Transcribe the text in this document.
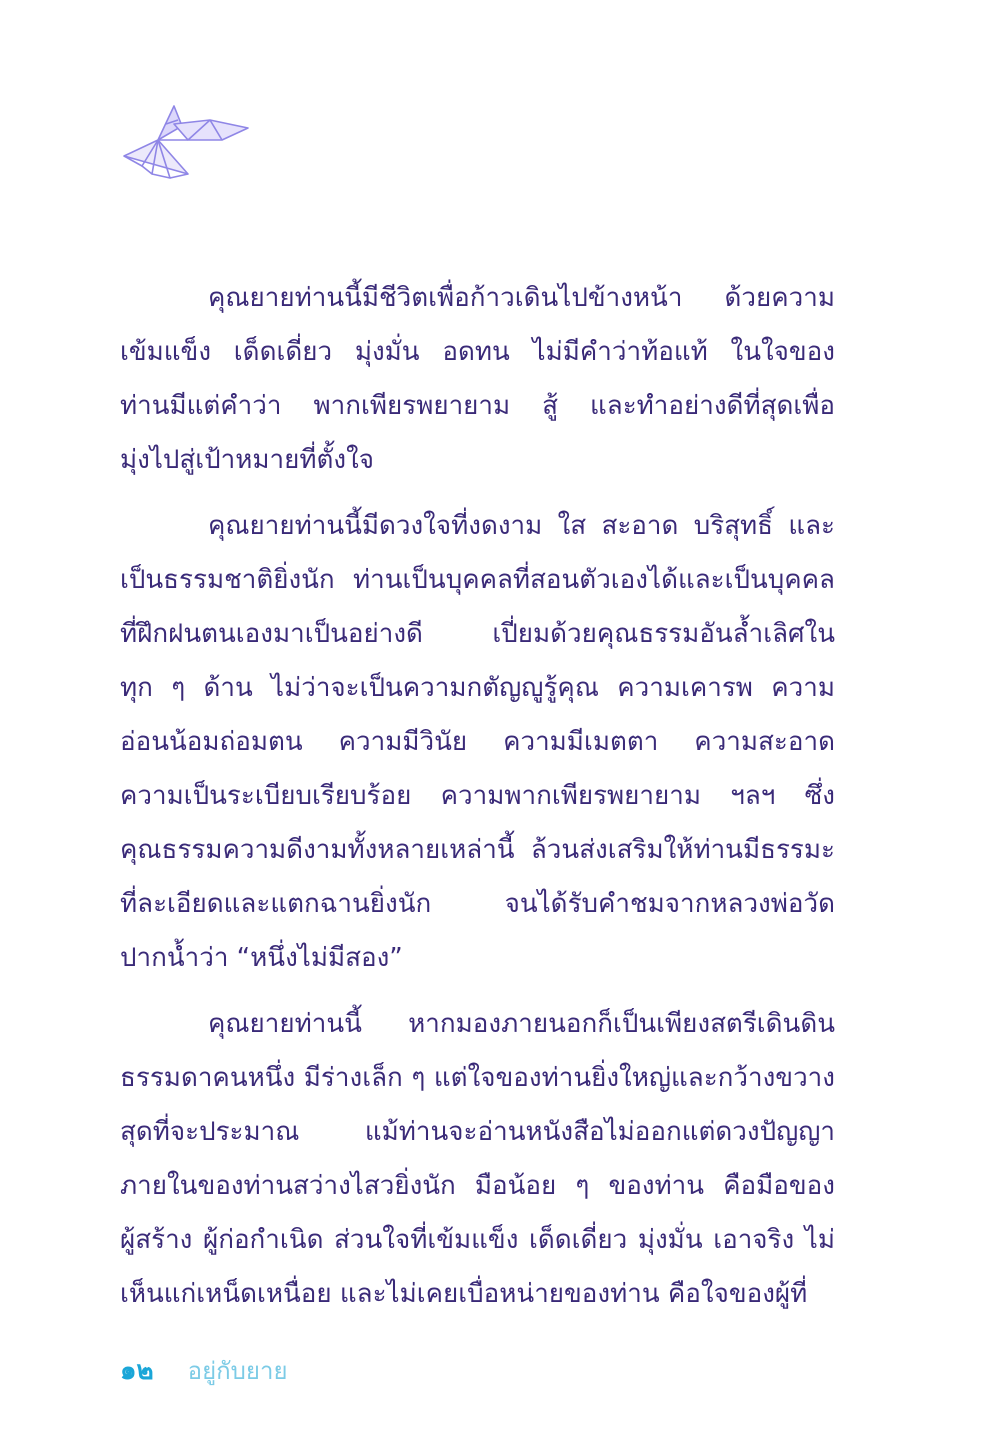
คุณยายท่านนี้มีชีวิตเพื่อก้าวเดินไปข้างหน้า ด้วยความ
เข้มแข็ง เด็ดเดี่ยว มุ่งมั่น อดทน ไม่มีคำว่าท้อแท้ ในใจของ
ท่านมีแต่คำว่า พากเพียรพยายาม สู้ และทำอย่างดีที่สุดเพื่อ
มุ่งไปสู่เป้าหมายที่ตั้งใจ
คุณยายท่านนี้มีดวงใจที่งดงาม ใส สะอาด บริสุทธิ์ และ
เป็นธรรมชาติยิ่งนัก ท่านเป็นบุคคลที่สอนตัวเองได้และเป็นบุคคล
ที่ฝึกฝนตนเองมาเป็นอย่างดี	เปี่ยมด้วยคุณธรรมอันล้ำเลิศใน
ทุก ๆ ด้าน ไม่ว่าจะเป็นความกตัญญูรู้คุณ ความเคารพ ความ
อ่อนน้อมถ่อมตน ความมีวินัย ความมีเมตตา ความสะอาด
ความเป็นระเบียบเรียบร้อย ความพากเพียรพยายาม ฯลฯ ซึ่ง
คุณธรรมความดีงามทั้งหลายเหล่านี้ ล้วนส่งเสริมให้ท่านมีธรรมะ
ที่ละเอียดและแตกฉานยิ่งนัก	จนได้รับคำชมจากหลวงพ่อวัด
ปากน้ำว่า “หนึ่งไม่มีสอง”
คุณยายท่านนี้ หากมองภายนอกก็เป็นเพียงสตรีเดินดิน
ธรรมดาคนหนึ่ง มีร่างเล็ก ๆ แต่ใจของท่านยิ่งใหญ่และกว้างขวาง
สุดที่จะประมาณ	แม้ท่านจะอ่านหนังสือไม่ออกแต่ดวงปัญญา
ภายในของท่านสว่างไสวยิ่งนัก มือน้อย ๆ ของท่าน คือมือของ
ผู้สร้าง ผู้ก่อกำเนิด ส่วนใจที่เข้มแข็ง เด็ดเดี่ยว มุ่งมั่น เอาจริง ไม่
เห็นแก่เหน็ดเหนื่อย และไม่เคยเบื่อหน่ายของท่าน คือใจของผู้ที่
๑๒ อยู่กับยาย
